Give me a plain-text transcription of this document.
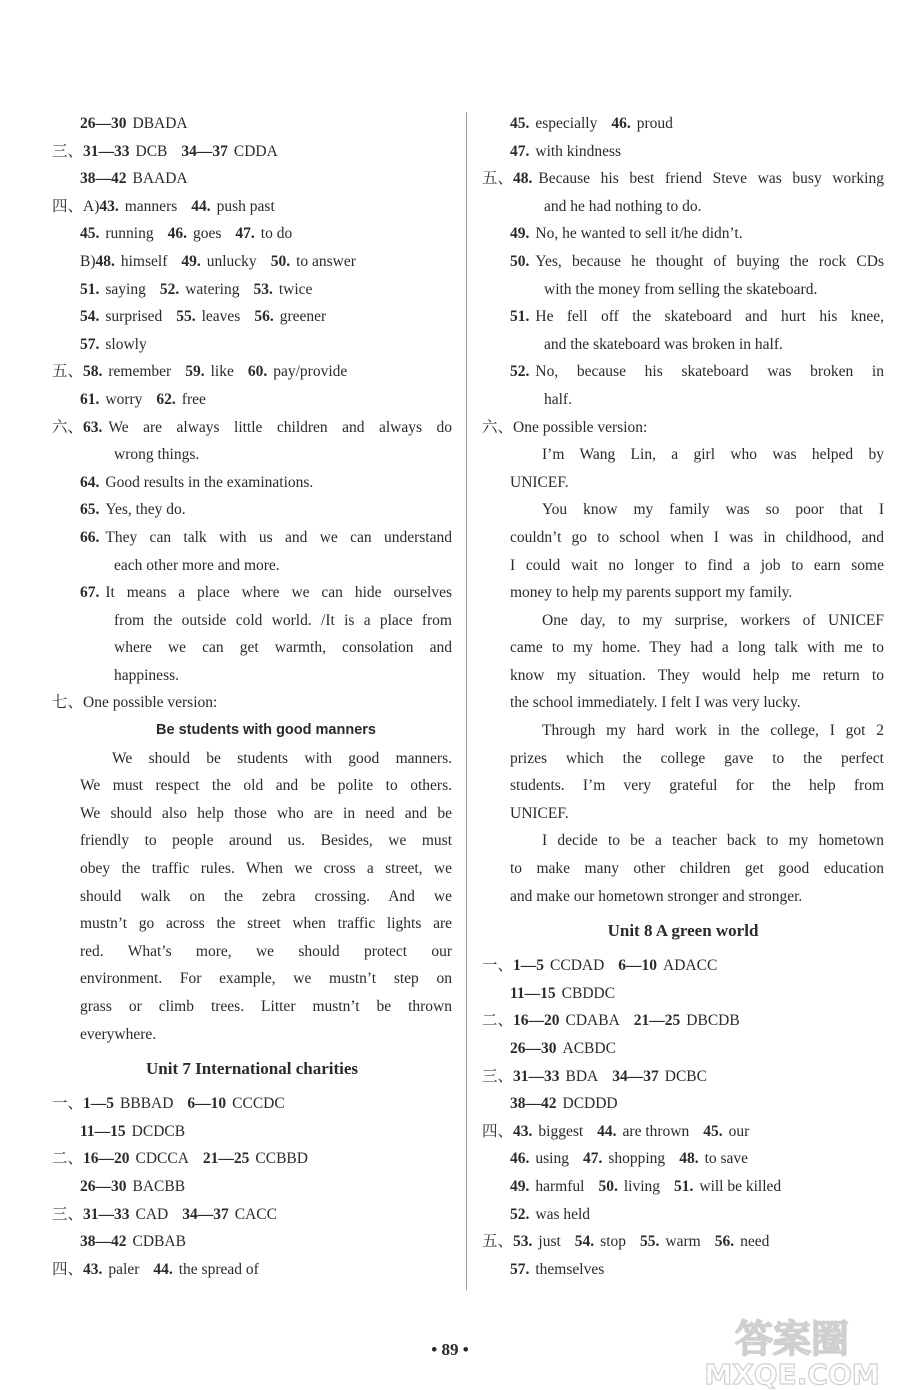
26—30 DBADA
三、31—33 DCB 34—37 CDDA
38—42 BAADA
四、A)43. manners 44. push past
45. running 46. goes 47. to do
B)48. himself 49. unlucky 50. to answer
51. saying 52. watering 53. twice
54. surprised 55. leaves 56. greener
57. slowly
五、58. remember 59. like 60. pay/provide
61. worry 62. free
六、63. We are always little children and always do
wrong things.
64. Good results in the examinations.
65. Yes, they do.
66. They can talk with us and we can understand
each other more and more.
67. It means a place where we can hide ourselves
from the outside cold world. /It is a place from
where we can get warmth, consolation and
happiness.
七、One possible version:
Be students with good manners
We should be students with good manners.
We must respect the old and be polite to others.
We should also help those who are in need and be
friendly to people around us. Besides, we must
obey the traffic rules. When we cross a street, we
should walk on the zebra crossing. And we
mustn’t go across the street when traffic lights are
red. What’s more, we should protect our
environment. For example, we mustn’t step on
grass or climb trees. Litter mustn’t be thrown
everywhere.
Unit 7 International charities
一、1—5 BBBAD 6—10 CCCDC
11—15 DCDCB
二、16—20 CDCCA 21—25 CCBBD
26—30 BACBB
三、31—33 CAD 34—37 CACC
38—42 CDBAB
四、43. paler 44. the spread of
45. especially 46. proud
47. with kindness
五、48. Because his best friend Steve was busy working
and he had nothing to do.
49. No, he wanted to sell it/he didn’t.
50. Yes, because he thought of buying the rock CDs
with the money from selling the skateboard.
51. He fell off the skateboard and hurt his knee,
and the skateboard was broken in half.
52. No, because his skateboard was broken in
half.
六、One possible version:
I’m Wang Lin, a girl who was helped by
UNICEF.
You know my family was so poor that I
couldn’t go to school when I was in childhood, and
I could wait no longer to find a job to earn some
money to help my parents support my family.
One day, to my surprise, workers of UNICEF
came to my home. They had a long talk with me to
know my situation. They would help me return to
the school immediately. I felt I was very lucky.
Through my hard work in the college, I got 2
prizes which the college gave to the perfect
students. I’m very grateful for the help from
UNICEF.
I decide to be a teacher back to my hometown
to make many other children get good education
and make our hometown stronger and stronger.
Unit 8 A green world
一、1—5 CCDAD 6—10 ADACC
11—15 CBDDC
二、16—20 CDABA 21—25 DBCDB
26—30 ACBDC
三、31—33 BDA 34—37 DCBC
38—42 DCDDD
四、43. biggest 44. are thrown 45. our
46. using 47. shopping 48. to save
49. harmful 50. living 51. will be killed
52. was held
五、53. just 54. stop 55. warm 56. need
57. themselves
• 89 •	答案圈
MXQE.COM
